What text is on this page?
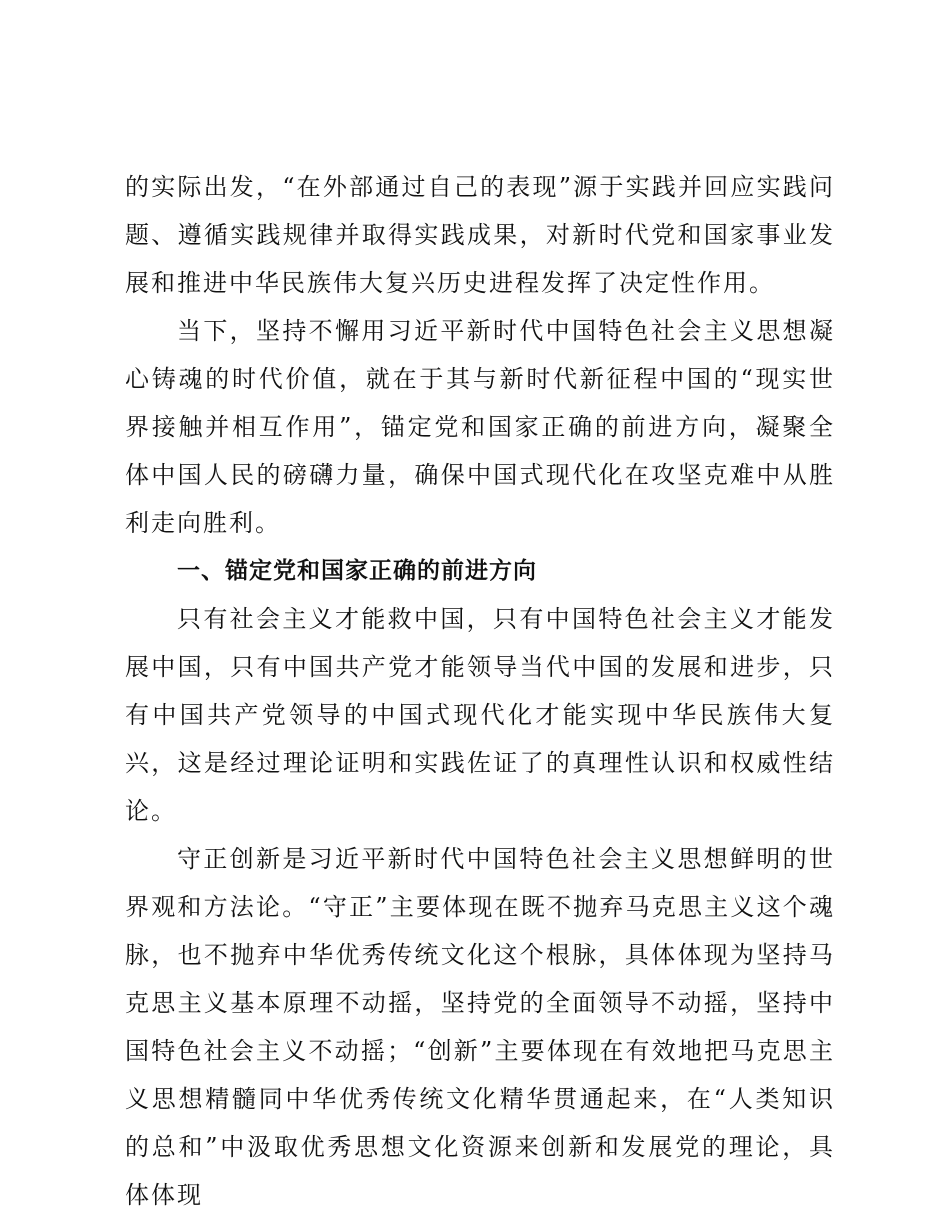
的实际出发，“在外部通过自己的表现”源于实践并回应实践问题、遵循实践规律并取得实践成果，对新时代党和国家事业发展和推进中华民族伟大复兴历史进程发挥了决定性作用。

当下，坚持不懈用习近平新时代中国特色社会主义思想凝心铸魂的时代价值，就在于其与新时代新征程中国的“现实世界接触并相互作用”，锚定党和国家正确的前进方向，凝聚全体中国人民的磅礴力量，确保中国式现代化在攻坚克难中从胜利走向胜利。

一、锚定党和国家正确的前进方向

只有社会主义才能救中国，只有中国特色社会主义才能发展中国，只有中国共产党才能领导当代中国的发展和进步，只有中国共产党领导的中国式现代化才能实现中华民族伟大复兴，这是经过理论证明和实践佐证了的真理性认识和权威性结论。

守正创新是习近平新时代中国特色社会主义思想鲜明的世界观和方法论。“守正”主要体现在既不抛弃马克思主义这个魂脉，也不抛弃中华优秀传统文化这个根脉，具体体现为坚持马克思主义基本原理不动摇，坚持党的全面领导不动摇，坚持中国特色社会主义不动摇；“创新”主要体现在有效地把马克思主义思想精髓同中华优秀传统文化精华贯通起来，在“人类知识的总和”中汲取优秀思想文化资源来创新和发展党的理论，具体体现
